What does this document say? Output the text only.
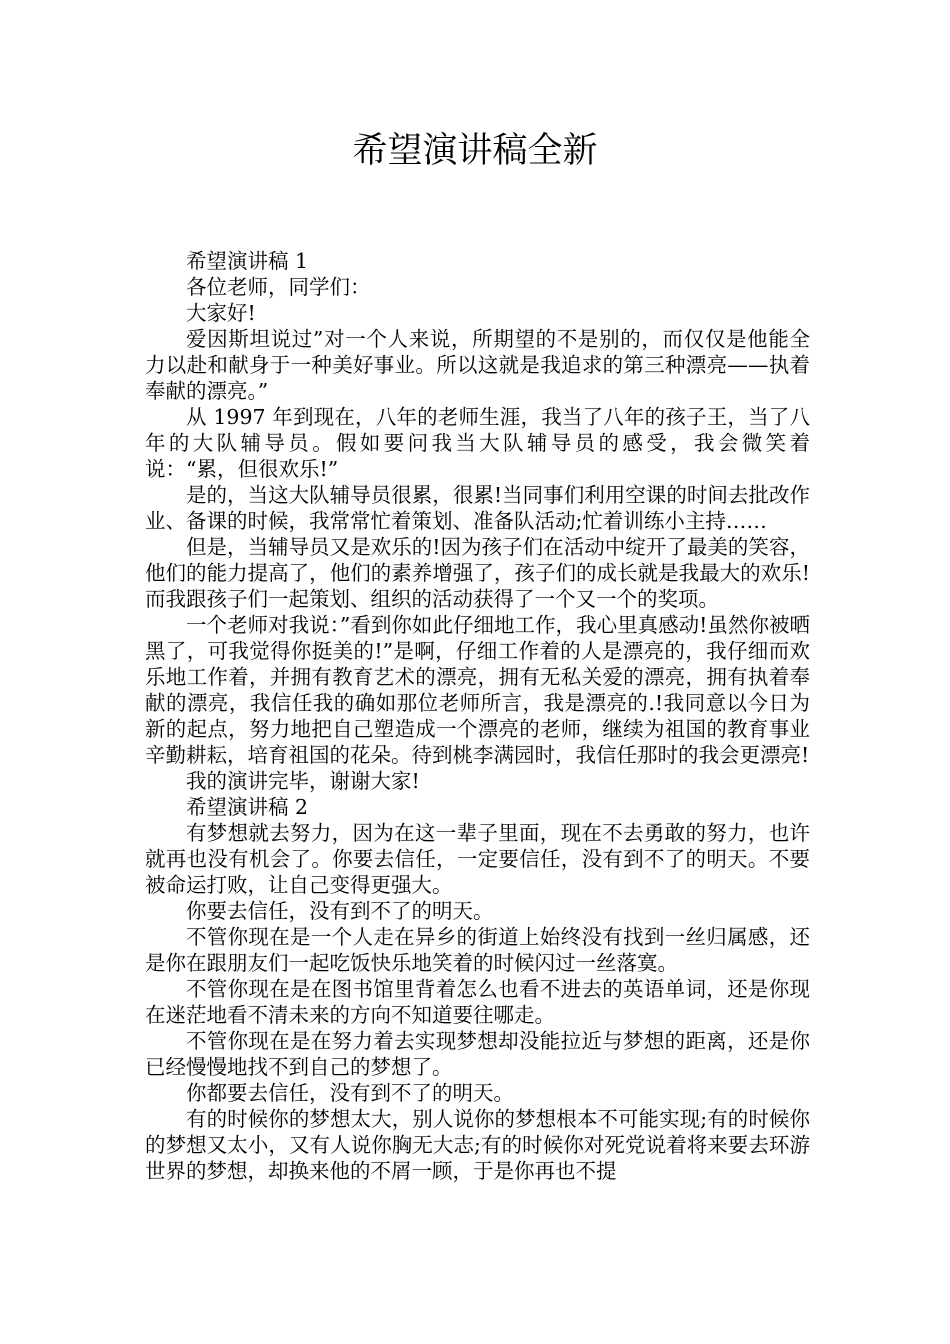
希望演讲稿全新

希望演讲稿 1

各位老师，同学们：

大家好!

爱因斯坦说过”对一个人来说，所期望的不是别的，而仅仅是他能全力以赴和献身于一种美好事业。所以这就是我追求的第三种漂亮——执着奉献的漂亮。”

从 1997 年到现在，八年的老师生涯，我当了八年的孩子王，当了八年的大队辅导员。假如要问我当大队辅导员的感受，我会微笑着说：“累，但很欢乐!”

是的，当这大队辅导员很累，很累!当同事们利用空课的时间去批改作业、备课的时候，我常常忙着策划、准备队活动;忙着训练小主持……

但是，当辅导员又是欢乐的!因为孩子们在活动中绽开了最美的笑容，他们的能力提高了，他们的素养增强了，孩子们的成长就是我最大的欢乐!而我跟孩子们一起策划、组织的活动获得了一个又一个的奖项。

一个老师对我说：”看到你如此仔细地工作，我心里真感动!虽然你被晒黑了，可我觉得你挺美的!”是啊，仔细工作着的人是漂亮的，我仔细而欢乐地工作着，并拥有教育艺术的漂亮，拥有无私关爱的漂亮，拥有执着奉献的漂亮，我信任我的确如那位老师所言，我是漂亮的.!我同意以今日为新的起点，努力地把自己塑造成一个漂亮的老师，继续为祖国的教育事业辛勤耕耘，培育祖国的花朵。待到桃李满园时，我信任那时的我会更漂亮!

我的演讲完毕，谢谢大家!

希望演讲稿 2

有梦想就去努力，因为在这一辈子里面，现在不去勇敢的努力，也许就再也没有机会了。你要去信任，一定要信任，没有到不了的明天。不要被命运打败，让自己变得更强大。

你要去信任，没有到不了的明天。

不管你现在是一个人走在异乡的街道上始终没有找到一丝归属感，还是你在跟朋友们一起吃饭快乐地笑着的时候闪过一丝落寞。

不管你现在是在图书馆里背着怎么也看不进去的英语单词，还是你现在迷茫地看不清未来的方向不知道要往哪走。

不管你现在是在努力着去实现梦想却没能拉近与梦想的距离，还是你已经慢慢地找不到自己的梦想了。

你都要去信任，没有到不了的明天。

有的时候你的梦想太大，别人说你的梦想根本不可能实现;有的时候你的梦想又太小，又有人说你胸无大志;有的时候你对死党说着将来要去环游世界的梦想，却换来他的不屑一顾，于是你再也不提
